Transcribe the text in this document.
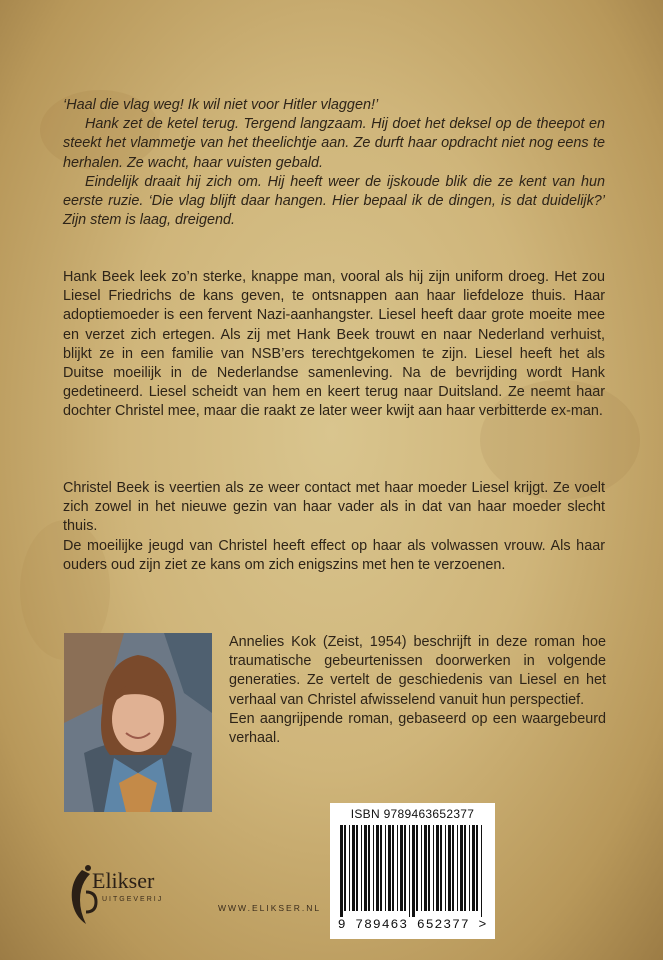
‘Haal die vlag weg! Ik wil niet voor Hitler vlaggen!’

Hank zet de ketel terug. Tergend langzaam. Hij doet het deksel op de theepot en steekt het vlammetje van het theelichtje aan. Ze durft haar opdracht niet nog eens te herhalen. Ze wacht, haar vuisten gebald.

Eindelijk draait hij zich om. Hij heeft weer de ijskoude blik die ze kent van hun eerste ruzie. ‘Die vlag blijft daar hangen. Hier bepaal ik de dingen, is dat duidelijk?’ Zijn stem is laag, dreigend.

Hank Beek leek zo’n sterke, knappe man, vooral als hij zijn uniform droeg. Het zou Liesel Friedrichs de kans geven, te ontsnappen aan haar liefdeloze thuis. Haar adoptiemoeder is een fervent Nazi-aanhangster. Liesel heeft daar grote moeite mee en verzet zich ertegen. Als zij met Hank Beek trouwt en naar Nederland verhuist, blijkt ze in een familie van NSB’ers terechtgekomen te zijn. Liesel heeft het als Duitse moeilijk in de Nederlandse samenleving. Na de bevrijding wordt Hank gedetineerd. Liesel scheidt van hem en keert terug naar Duitsland. Ze neemt haar dochter Christel mee, maar die raakt ze later weer kwijt aan haar verbitterde ex-man.

Christel Beek is veertien als ze weer contact met haar moeder Liesel krijgt. Ze voelt zich zowel in het nieuwe gezin van haar vader als in dat van haar moeder slecht thuis.

De moeilijke jeugd van Christel heeft effect op haar als volwassen vrouw. Als haar ouders oud zijn ziet ze kans om zich enigszins met hen te verzoenen.

Annelies Kok (Zeist, 1954) beschrijft in deze roman hoe traumatische gebeurtenissen doorwerken in volgende generaties. Ze vertelt de geschiedenis van Liesel en het verhaal van Christel afwisselend vanuit hun perspectief.

Een aangrijpende roman, gebaseerd op een waargebeurd verhaal.

ISBN 9789463652377
9 789463 652377 >
Elikser
UITGEVERIJ
WWW.ELIKSER.NL
